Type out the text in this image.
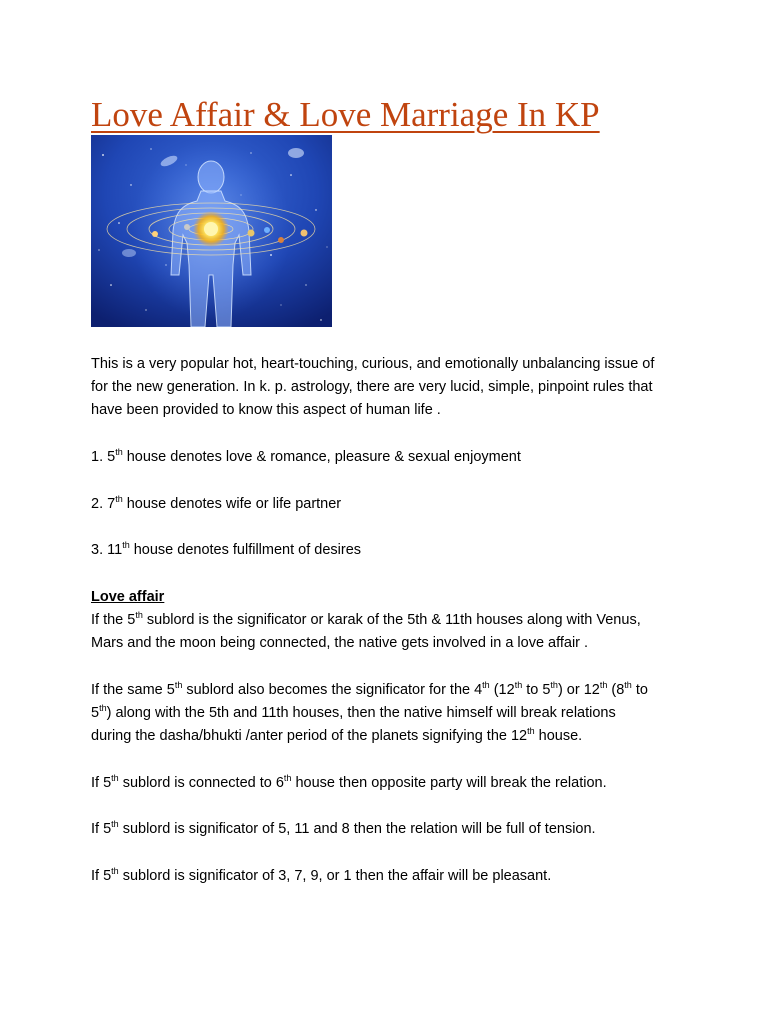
Love Affair & Love Marriage In KP

This is a very popular hot, heart-touching, curious, and emotionally unbalancing issue of

for the new generation. In k. p. astrology, there are very lucid, simple, pinpoint rules that

have been provided to know this aspect of human life .

1. 5th house denotes love & romance, pleasure & sexual enjoyment

2. 7th house denotes wife or life partner

3. 11th house denotes fulfillment of desires

Love affair

If the 5th sublord is the significator or karak of the 5th & 11th houses along with Venus,

Mars and the moon being connected, the native gets involved in a love affair .

If the same 5th sublord also becomes the significator for the 4th (12th to 5th) or 12th (8th to

5th) along with the 5th and 11th houses, then the native himself will break relations

during the dasha/bhukti /anter period of the planets signifying the 12th house.

If 5th sublord is connected to 6th house then opposite party will break the relation.

If 5th sublord is significator of 5, 11 and 8 then the relation will be full of tension.

If 5th sublord is significator of 3, 7, 9, or 1 then the affair will be pleasant.
